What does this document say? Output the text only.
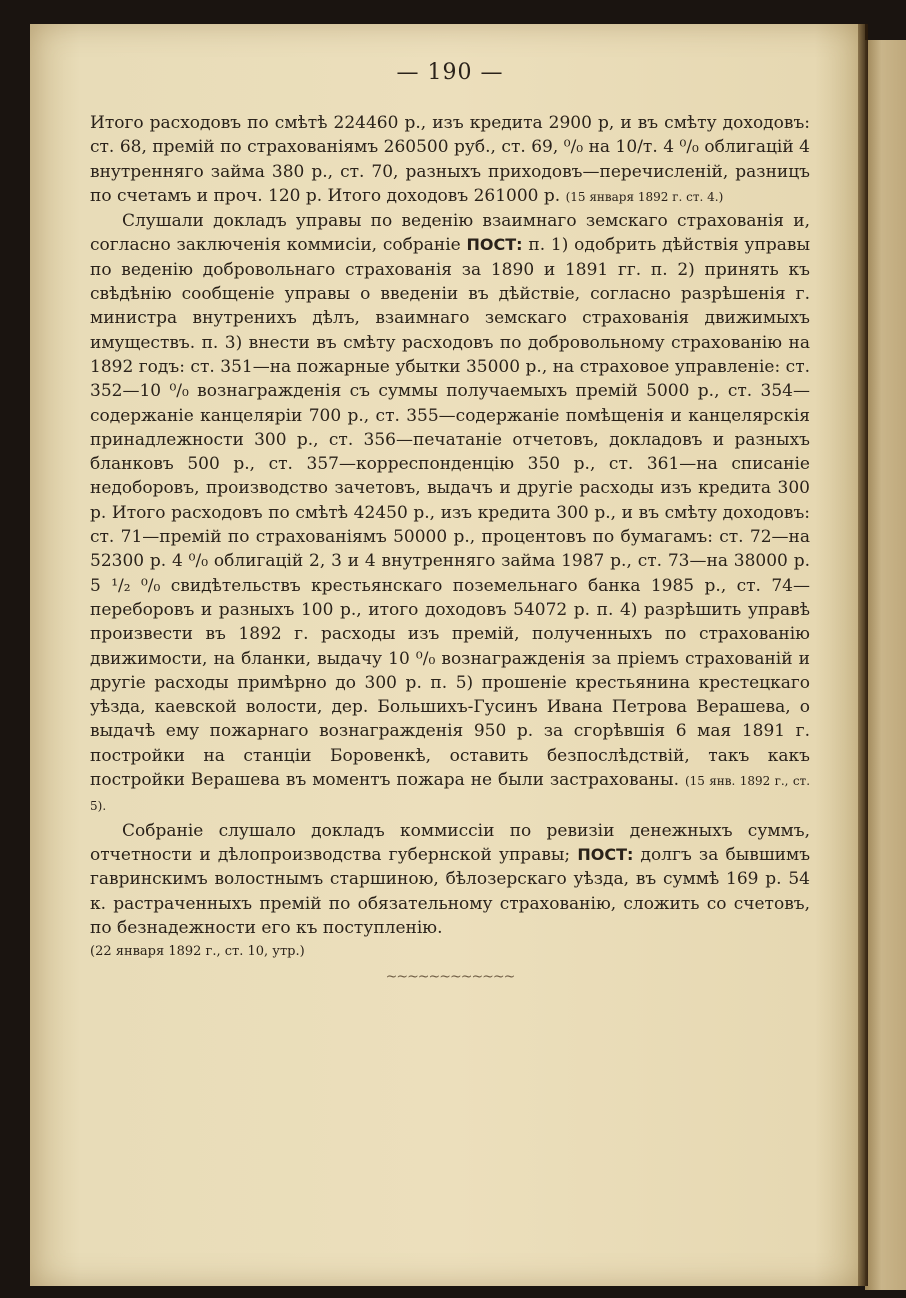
— 190 —

Итого расходовъ по смѣтѣ 224460 р., изъ кредита 2900 р, и въ смѣту доходовъ: ст. 68, премій по страхованіямъ 260500 руб., ст. 69, ⁰/₀ на 10/т. 4 ⁰/₀ облигацій 4 внутренняго займа 380 р., ст. 70, разныхъ приходовъ—перечисленій, разницъ по счетамъ и проч. 120 р. Итого доходовъ 261000 р. (15 января 1892 г. ст. 4.)

Слушали докладъ управы по веденію взаимнаго земскаго страхованія и, согласно заключенія коммисіи, собраніе ПОСТ: п. 1) одобрить дѣйствія управы по веденію добровольнаго страхованія за 1890 и 1891 гг. п. 2) принять къ свѣдѣнію сообщеніе управы о введеніи въ дѣйствіе, согласно разрѣшенія г. министра внутренихъ дѣлъ, взаимнаго земскаго страхованія движимыхъ имуществъ. п. 3) внести въ смѣту расходовъ по добровольному страхованію на 1892 годъ: ст. 351—на пожарные убытки 35000 р., на страховое управленіе: ст. 352—10 ⁰/₀ вознагражденія съ суммы получаемыхъ премій 5000 р., ст. 354—содержаніе канцеляріи 700 р., ст. 355—содержаніе помѣщенія и канцелярскія принадлежности 300 р., ст. 356—печатаніе отчетовъ, докладовъ и разныхъ бланковъ 500 р., ст. 357—корреспонденцію 350 р., ст. 361—на списаніе недоборовъ, производство зачетовъ, выдачъ и другіе расходы изъ кредита 300 р. Итого расходовъ по смѣтѣ 42450 р., изъ кредита 300 р., и въ смѣту доходовъ: ст. 71—премій по страхованіямъ 50000 р., процентовъ по бумагамъ: ст. 72—на 52300 р. 4 ⁰/₀ облигацій 2, 3 и 4 внутренняго займа 1987 р., ст. 73—на 38000 р. 5 ¹/₂ ⁰/₀ свидѣтельствъ крестьянскаго поземельнаго банка 1985 р., ст. 74—переборовъ и разныхъ 100 р., итого доходовъ 54072 р. п. 4) разрѣшить управѣ произвести въ 1892 г. расходы изъ премій, полученныхъ по страхованію движимости, на бланки, выдачу 10 ⁰/₀ вознагражденія за пріемъ страхованій и другіе расходы примѣрно до 300 р. п. 5) прошеніе крестьянина крестецкаго уѣзда, каевской волости, дер. Большихъ-Гусинъ Ивана Петрова Верашева, о выдачѣ ему пожарнаго вознагражденія 950 р. за сгорѣвшія 6 мая 1891 г. постройки на станціи Боровенкѣ, оставить безпослѣдствій, такъ какъ постройки Верашева въ моментъ пожара не были застрахованы. (15 янв. 1892 г., ст. 5).

Собраніе слушало докладъ коммиссіи по ревизіи денежныхъ суммъ, отчетности и дѣлопроизводства губернской управы; ПОСТ: долгъ за бывшимъ гавринскимъ волостнымъ старшиною, бѣлозерскаго уѣзда, въ суммѣ 169 р. 54 к. растраченныхъ премій по обязательному страхованію, сложить со счетовъ, по безнадежности его къ поступленію.

(22 января 1892 г., ст. 10, утр.)

~~~~~~~~~~~~
